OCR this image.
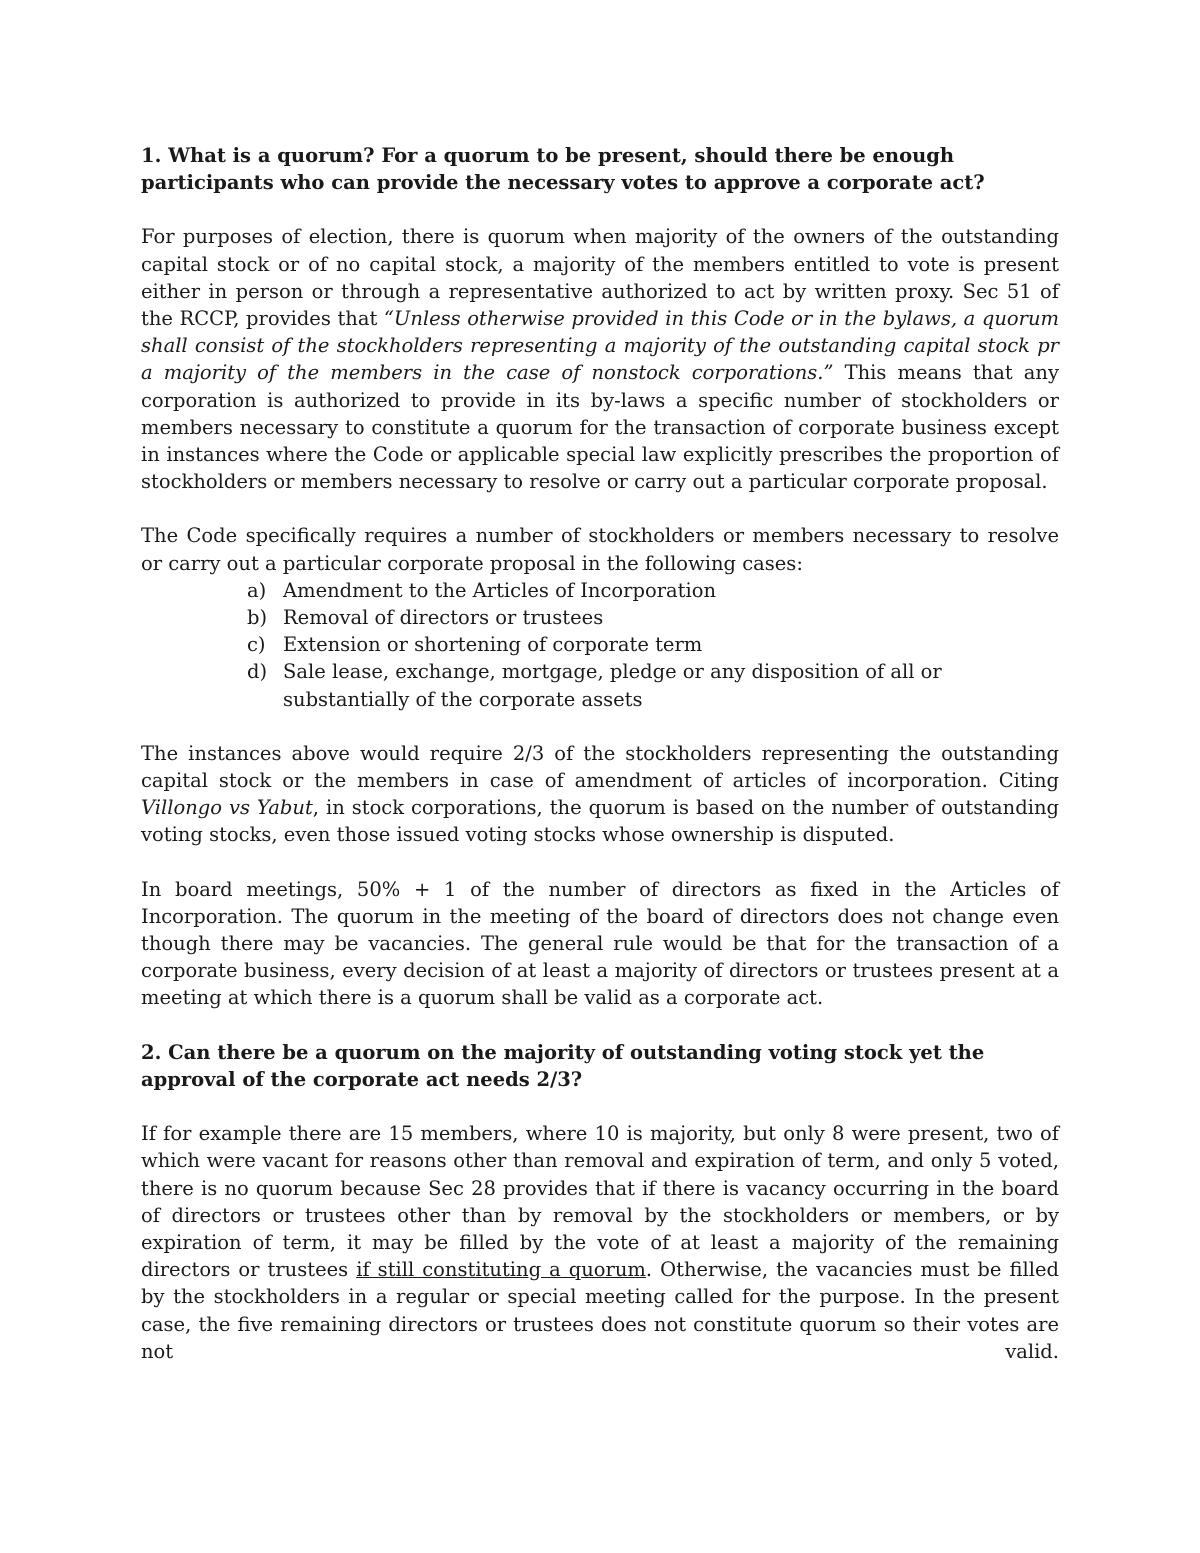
1. What is a quorum? For a quorum to be present, should there be enough participants who can provide the necessary votes to approve a corporate act?

For purposes of election, there is quorum when majority of the owners of the outstanding capital stock or of no capital stock, a majority of the members entitled to vote is present either in person or through a representative authorized to act by written proxy. Sec 51 of the RCCP, provides that “Unless otherwise provided in this Code or in the bylaws, a quorum shall consist of the stockholders representing a majority of the outstanding capital stock pr a majority of the members in the case of nonstock corporations.” This means that any corporation is authorized to provide in its by-laws a specific number of stockholders or members necessary to constitute a quorum for the transaction of corporate business except in instances where the Code or applicable special law explicitly prescribes the proportion of stockholders or members necessary to resolve or carry out a particular corporate proposal.

The Code specifically requires a number of stockholders or members necessary to resolve or carry out a particular corporate proposal in the following cases:

a) Amendment to the Articles of Incorporation
b) Removal of directors or trustees
c) Extension or shortening of corporate term
d) Sale lease, exchange, mortgage, pledge or any disposition of all or substantially of the corporate assets

The instances above would require 2/3 of the stockholders representing the outstanding capital stock or the members in case of amendment of articles of incorporation. Citing Villongo vs Yabut, in stock corporations, the quorum is based on the number of outstanding voting stocks, even those issued voting stocks whose ownership is disputed.

In board meetings, 50% + 1 of the number of directors as fixed in the Articles of Incorporation. The quorum in the meeting of the board of directors does not change even though there may be vacancies. The general rule would be that for the transaction of a corporate business, every decision of at least a majority of directors or trustees present at a meeting at which there is a quorum shall be valid as a corporate act.

2. Can there be a quorum on the majority of outstanding voting stock yet the approval of the corporate act needs 2/3?

If for example there are 15 members, where 10 is majority, but only 8 were present, two of which were vacant for reasons other than removal and expiration of term, and only 5 voted, there is no quorum because Sec 28 provides that if there is vacancy occurring in the board of directors or trustees other than by removal by the stockholders or members, or by expiration of term, it may be filled by the vote of at least a majority of the remaining directors or trustees if still constituting a quorum. Otherwise, the vacancies must be filled by the stockholders in a regular or special meeting called for the purpose. In the present case, the five remaining directors or trustees does not constitute quorum so their votes are not valid.
